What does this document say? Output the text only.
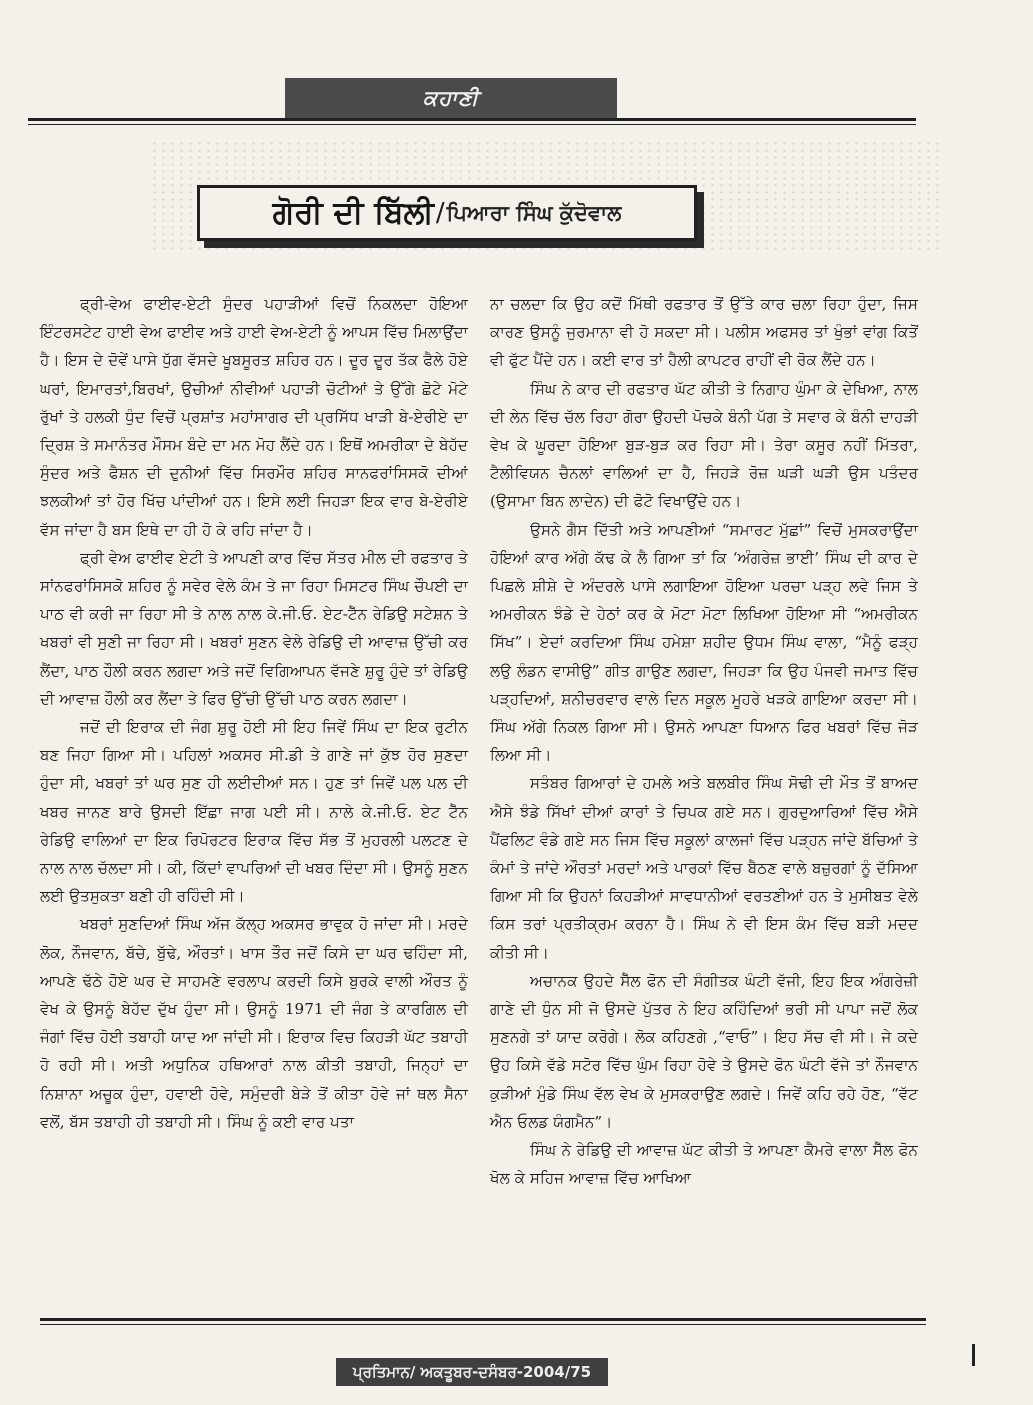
ਕਹਾਣੀ
ਗੋਰੀ ਦੀ ਬਿੱਲੀ / ਪਿਆਰਾ ਸਿੰਘ ਕੁੱਦੋਵਾਲ

ਫ੍ਰੀ-ਵੇਅ ਫਾਈਵ-ਏਟੀ ਸੁੰਦਰ ਪਹਾੜੀਆਂ ਵਿਚੋਂ ਨਿਕਲਦਾ ਹੋਇਆ ਇੰਟਰਸਟੇਟ ਹਾਈ ਵੇਅ ਫਾਈਵ ਅਤੇ ਹਾਈ ਵੇਅ-ਏਟੀ ਨੂੰ ਆਪਸ ਵਿੱਚ ਮਿਲਾਉਂਦਾ ਹੈ। ਇਸ ਦੇ ਦੋਵੇਂ ਪਾਸੇ ਧੁੱਗ ਵੱਸਦੇ ਖੂਬਸੂਰਤ ਸ਼ਹਿਰ ਹਨ। ਦੂਰ ਦੂਰ ਤੱਕ ਫੈਲੇ ਹੋਏ ਘਰਾਂ, ਇਮਾਰਤਾਂ,ਬਿਰਖਾਂ, ਉਚੀਆਂ ਨੀਵੀਆਂ ਪਹਾੜੀ ਚੋਟੀਆਂ ਤੇ ਉੱਗੇ ਛੋਟੇ ਮੋਟੇ ਰੁੱਖਾਂ ਤੇ ਹਲਕੀ ਧੁੰਦ ਵਿਚੋਂ ਪ੍ਰਸ਼ਾਂਤ ਮਹਾਂਸਾਗਰ ਦੀ ਪ੍ਰਸਿੱਧ ਖਾੜੀ ਬੇ-ਏਰੀਏ ਦਾ ਦ੍ਰਿਸ਼ ਤੇ ਸਮਾਨੰਤਰ ਮੌਸਮ ਬੰਦੇ ਦਾ ਮਨ ਮੋਹ ਲੈਂਦੇ ਹਨ। ਇਥੋਂ ਅਮਰੀਕਾ ਦੇ ਬੇਹੱਦ ਸੁੰਦਰ ਅਤੇ ਫੈਸ਼ਨ ਦੀ ਦੁਨੀਆਂ ਵਿੱਚ ਸਿਰਮੌਰ ਸ਼ਹਿਰ ਸਾਨਫਰਾਂਸਿਸਕੋ ਦੀਆਂ ਝਲਕੀਆਂ ਤਾਂ ਹੋਰ ਖਿੱਚ ਪਾਂਦੀਆਂ ਹਨ। ਇਸੇ ਲਈ ਜਿਹੜਾ ਇਕ ਵਾਰ ਬੇ-ਏਰੀਏ ਵੱਸ ਜਾਂਦਾ ਹੈ ਬਸ ਇਥੇ ਦਾ ਹੀ ਹੋ ਕੇ ਰਹਿ ਜਾਂਦਾ ਹੈ।

ਫ੍ਰੀ ਵੇਅ ਫਾਈਵ ਏਟੀ ਤੇ ਆਪਣੀ ਕਾਰ ਵਿੱਚ ਸੱਤਰ ਮੀਲ ਦੀ ਰਫਤਾਰ ਤੇ ਸਾਂਨਫਰਾਂਸਿਸਕੋ ਸ਼ਹਿਰ ਨੂੰ ਸਵੇਰ ਵੇਲੇ ਕੰਮ ਤੇ ਜਾ ਰਿਹਾ ਮਿਸਟਰ ਸਿੰਘ ਚੌਪਈ ਦਾ ਪਾਠ ਵੀ ਕਰੀ ਜਾ ਰਿਹਾ ਸੀ ਤੇ ਨਾਲ ਨਾਲ ਕੇ.ਜੀ.ਓ. ਏਟ-ਟੈੱਨ ਰੇਡਿਉ ਸਟੇਸ਼ਨ ਤੇ ਖਬਰਾਂ ਵੀ ਸੁਣੀ ਜਾ ਰਿਹਾ ਸੀ। ਖਬਰਾਂ ਸੁਣਨ ਵੇਲੇ ਰੇਡਿਉ ਦੀ ਆਵਾਜ਼ ਉੱਚੀ ਕਰ ਲੈਂਦਾ, ਪਾਠ ਹੌਲੀ ਕਰਨ ਲਗਦਾ ਅਤੇ ਜਦੋਂ ਵਿਗਿਆਪਨ ਵੱਜਣੇ ਸ਼ੁਰੂ ਹੁੰਦੇ ਤਾਂ ਰੇਡਿਉ ਦੀ ਆਵਾਜ਼ ਹੌਲੀ ਕਰ ਲੈਂਦਾ ਤੇ ਫਿਰ ਉੱਚੀ ਉੱਚੀ ਪਾਠ ਕਰਨ ਲਗਦਾ।

ਜਦੋਂ ਦੀ ਇਰਾਕ ਦੀ ਜੰਗ ਸ਼ੁਰੂ ਹੋਈ ਸੀ ਇਹ ਜਿਵੇਂ ਸਿੰਘ ਦਾ ਇਕ ਰੁਟੀਨ ਬਣ ਜਿਹਾ ਗਿਆ ਸੀ। ਪਹਿਲਾਂ ਅਕਸਰ ਸੀ.ਡੀ ਤੇ ਗਾਣੇ ਜਾਂ ਕੁੱਝ ਹੋਰ ਸੁਣਦਾ ਹੁੰਦਾ ਸੀ, ਖਬਰਾਂ ਤਾਂ ਘਰ ਸੁਣ ਹੀ ਲਈਦੀਆਂ ਸਨ। ਹੁਣ ਤਾਂ ਜਿਵੇਂ ਪਲ ਪਲ ਦੀ ਖਬਰ ਜਾਨਣ ਬਾਰੇ ਉਸਦੀ ਇੱਛਾ ਜਾਗ ਪਈ ਸੀ। ਨਾਲੇ ਕੇ.ਜੀ.ਓ. ਏਟ ਟੈੱਨ ਰੇਡਿਉ ਵਾਲਿਆਂ ਦਾ ਇਕ ਰਿਪੋਰਟਰ ਇਰਾਕ ਵਿੱਚ ਸੱਭ ਤੋਂ ਮੁਹਰਲੀ ਪਲਟਣ ਦੇ ਨਾਲ ਨਾਲ ਚੱਲਦਾ ਸੀ। ਕੀ, ਕਿੱਦਾਂ ਵਾਪਰਿਆਂ ਦੀ ਖਬਰ ਦਿੰਦਾ ਸੀ। ਉਸਨੂੰ ਸੁਣਨ ਲਈ ਉਤਸੁਕਤਾ ਬਣੀ ਹੀ ਰਹਿੰਦੀ ਸੀ।

ਖਬਰਾਂ ਸੁਣਦਿਆਂ ਸਿੰਘ ਅੱਜ ਕੱਲ੍ਹ ਅਕਸਰ ਭਾਵੁਕ ਹੋ ਜਾਂਦਾ ਸੀ। ਮਰਦੇ ਲੋਕ, ਨੌਜਵਾਨ, ਬੱਚੇ, ਬੁੱਢੇ, ਔਰਤਾਂ। ਖਾਸ ਤੌਰ ਜਦੋਂ ਕਿਸੇ ਦਾ ਘਰ ਢਹਿੰਦਾ ਸੀ, ਆਪਣੇ ਢੱਠੇ ਹੋਏ ਘਰ ਦੇ ਸਾਹਮਣੇ ਵਰਲਾਪ ਕਰਦੀ ਕਿਸੇ ਬੁਰਕੇ ਵਾਲੀ ਔਰਤ ਨੂੰ ਵੇਖ ਕੇ ਉਸਨੂੰ ਬੇਹੱਦ ਦੁੱਖ ਹੁੰਦਾ ਸੀ। ਉਸਨੂੰ 1971 ਦੀ ਜੰਗ ਤੇ ਕਾਰਗਿਲ ਦੀ ਜੰਗਾਂ ਵਿੱਚ ਹੋਈ ਤਬਾਹੀ ਯਾਦ ਆ ਜਾਂਦੀ ਸੀ। ਇਰਾਕ ਵਿਚ ਕਿਹੜੀ ਘੱਟ ਤਬਾਹੀ ਹੋ ਰਹੀ ਸੀ। ਅਤੀ ਅਧੁਨਿਕ ਹਥਿਆਰਾਂ ਨਾਲ ਕੀਤੀ ਤਬਾਹੀ, ਜਿਨ੍ਹਾਂ ਦਾ ਨਿਸ਼ਾਨਾ ਅਚੂਕ ਹੁੰਦਾ, ਹਵਾਈ ਹੋਵੇ, ਸਮੁੰਦਰੀ ਬੇੜੇ ਤੋਂ ਕੀਤਾ ਹੋਵੇ ਜਾਂ ਥਲ ਸੈਨਾ ਵਲੋਂ, ਬੱਸ ਤਬਾਹੀ ਹੀ ਤਬਾਹੀ ਸੀ। ਸਿੰਘ ਨੂੰ ਕਈ ਵਾਰ ਪਤਾ

ਨਾ ਚਲਦਾ ਕਿ ਉਹ ਕਦੋਂ ਮਿੱਥੀ ਰਫਤਾਰ ਤੋਂ ਉੱਤੇ ਕਾਰ ਚਲਾ ਰਿਹਾ ਹੁੰਦਾ, ਜਿਸ ਕਾਰਣ ਉਸਨੂੰ ਜੁਰਮਾਨਾ ਵੀ ਹੋ ਸਕਦਾ ਸੀ। ਪਲੀਸ ਅਫਸਰ ਤਾਂ ਖੁੰਭਾਂ ਵਾਂਗ ਕਿਤੋਂ ਵੀ ਫੁੱਟ ਪੈਂਦੇ ਹਨ। ਕਈ ਵਾਰ ਤਾਂ ਹੈਲੀ ਕਾਪਟਰ ਰਾਹੀਂ ਵੀ ਰੋਕ ਲੈਂਦੇ ਹਨ।

ਸਿੰਘ ਨੇ ਕਾਰ ਦੀ ਰਫਤਾਰ ਘੱਟ ਕੀਤੀ ਤੇ ਨਿਗਾਹ ਘੁੰਮਾ ਕੇ ਦੇਖਿਆ, ਨਾਲ ਦੀ ਲੇਨ ਵਿੱਚ ਚੱਲ ਰਿਹਾ ਗੋਰਾ ਉਹਦੀ ਪੋਚਕੇ ਬੰਨੀ ਪੱਗ ਤੇ ਸਵਾਰ ਕੇ ਬੰਨੀ ਦਾਹੜੀ ਵੇਖ ਕੇ ਘੂਰਦਾ ਹੋਇਆ ਬੁੜ-ਬੁੜ ਕਰ ਰਿਹਾ ਸੀ। ਤੇਰਾ ਕਸੂਰ ਨਹੀਂ ਮਿੱਤਰਾ, ਟੈਲੀਵਿਯਨ ਚੈਨਲਾਂ ਵਾਲਿਆਂ ਦਾ ਹੈ, ਜਿਹੜੇ ਰੋਜ਼ ਘੜੀ ਘੜੀ ਉਸ ਪਤੰਦਰ (ਉਸਾਮਾ ਬਿਨ ਲਾਦੇਨ) ਦੀ ਫੋਟੋ ਵਿਖਾਉਂਦੇ ਹਨ।

ਉਸਨੇ ਗੈਸ ਦਿੱਤੀ ਅਤੇ ਆਪਣੀਆਂ “ਸਮਾਰਟ ਮੁੱਛਾਂ” ਵਿਚੋਂ ਮੁਸਕਰਾਉਂਦਾ ਹੋਇਆਂ ਕਾਰ ਅੱਗੇ ਕੱਢ ਕੇ ਲੈ ਗਿਆ ਤਾਂ ਕਿ ‘ਅੰਗਰੇਜ਼ ਭਾਈ’ ਸਿੰਘ ਦੀ ਕਾਰ ਦੇ ਪਿਛਲੇ ਸ਼ੀਸ਼ੇ ਦੇ ਅੰਦਰਲੇ ਪਾਸੇ ਲਗਾਇਆ ਹੋਇਆ ਪਰਚਾ ਪੜ੍ਹ ਲਵੇ ਜਿਸ ਤੇ ਅਮਰੀਕਨ ਝੰਡੇ ਦੇ ਹੇਠਾਂ ਕਰ ਕੇ ਮੋਟਾ ਮੋਟਾ ਲਿਖਿਆ ਹੋਇਆ ਸੀ “ਅਮਰੀਕਨ ਸਿੱਖ”। ਏਦਾਂ ਕਰਦਿਆ ਸਿੰਘ ਹਮੇਸ਼ਾ ਸ਼ਹੀਦ ਉਧਮ ਸਿੰਘ ਵਾਲਾ, “ਮੈਨੂੰ ਫੜ੍ਹ ਲਉ ਲੰਡਨ ਵਾਸੀਉ” ਗੀਤ ਗਾਉਣ ਲਗਦਾ, ਜਿਹੜਾ ਕਿ ਉਹ ਪੰਜਵੀ ਜਮਾਤ ਵਿੱਚ ਪੜ੍ਹਦਿਆਂ, ਸ਼ਨੀਚਰਵਾਰ ਵਾਲੇ ਦਿਨ ਸਕੂਲ ਮੂਹਰੇ ਖੜਕੇ ਗਾਇਆ ਕਰਦਾ ਸੀ। ਸਿੰਘ ਅੱਗੇ ਨਿਕਲ ਗਿਆ ਸੀ। ਉਸਨੇ ਆਪਣਾ ਧਿਆਨ ਫਿਰ ਖਬਰਾਂ ਵਿੱਚ ਜੋੜ ਲਿਆ ਸੀ।

ਸਤੰਬਰ ਗਿਆਰਾਂ ਦੇ ਹਮਲੇ ਅਤੇ ਬਲਬੀਰ ਸਿੰਘ ਸੋਢੀ ਦੀ ਮੌਤ ਤੋਂ ਬਾਅਦ ਐਸੇ ਝੰਡੇ ਸਿੱਖਾਂ ਦੀਆਂ ਕਾਰਾਂ ਤੇ ਚਿਪਕ ਗਏ ਸਨ। ਗੁਰਦੁਆਰਿਆਂ ਵਿੱਚ ਐਸੇ ਪੈਂਫਲਿਟ ਵੰਡੇ ਗਏ ਸਨ ਜਿਸ ਵਿੱਚ ਸਕੂਲਾਂ ਕਾਲਜਾਂ ਵਿੱਚ ਪੜ੍ਹਨ ਜਾਂਦੇ ਬੱਚਿਆਂ ਤੇ ਕੰਮਾਂ ਤੇ ਜਾਂਦੇ ਔਰਤਾਂ ਮਰਦਾਂ ਅਤੇ ਪਾਰਕਾਂ ਵਿੱਚ ਬੈਠਣ ਵਾਲੇ ਬਜ਼ੁਰਗਾਂ ਨੂੰ ਦੱਸਿਆ ਗਿਆ ਸੀ ਕਿ ਉਹਨਾਂ ਕਿਹੜੀਆਂ ਸਾਵਧਾਨੀਆਂ ਵਰਤਣੀਆਂ ਹਨ ਤੇ ਮੁਸੀਬਤ ਵੇਲੇ ਕਿਸ ਤਰਾਂ ਪ੍ਰਤੀਕ੍ਰਮ ਕਰਨਾ ਹੈ। ਸਿੰਘ ਨੇ ਵੀ ਇਸ ਕੰਮ ਵਿੱਚ ਬੜੀ ਮਦਦ ਕੀਤੀ ਸੀ।

ਅਚਾਨਕ ਉਹਦੇ ਸੈੱਲ ਫੋਨ ਦੀ ਸੰਗੀਤਕ ਘੰਟੀ ਵੱਜੀ, ਇਹ ਇਕ ਅੰਗਰੇਜ਼ੀ ਗਾਣੇ ਦੀ ਧੁੰਨ ਸੀ ਜੋ ਉਸਦੇ ਪੁੱਤਰ ਨੇ ਇਹ ਕਹਿੰਦਿਆਂ ਭਰੀ ਸੀ ਪਾਪਾ ਜਦੋਂ ਲੋਕ ਸੁਣਨਗੇ ਤਾਂ ਯਾਦ ਕਰੋਗੇ। ਲੋਕ ਕਹਿਣਗੇ ,“ਵਾਓ”। ਇਹ ਸੱਚ ਵੀ ਸੀ। ਜੇ ਕਦੇ ਉਹ ਕਿਸੇ ਵੱਡੇ ਸਟੋਰ ਵਿੱਚ ਘੁੰਮ ਰਿਹਾ ਹੋਵੇ ਤੇ ਉਸਦੇ ਫੋਨ ਘੰਟੀ ਵੱਜੇ ਤਾਂ ਨੌਜਵਾਨ ਕੁੜੀਆਂ ਮੁੰਡੇ ਸਿੰਘ ਵੱਲ ਵੇਖ ਕੇ ਮੁਸਕਰਾਉਣ ਲਗਦੇ। ਜਿਵੇਂ ਕਹਿ ਰਹੇ ਹੋਣ, “ਵੱਟ ਐਨ ਓਲਡ ਯੰਗਮੈਨ”।

ਸਿੰਘ ਨੇ ਰੇਡਿਉ ਦੀ ਆਵਾਜ਼ ਘੱਟ ਕੀਤੀ ਤੇ ਆਪਣਾ ਕੈਮਰੇ ਵਾਲਾ ਸੈੱਲ ਫੋਨ ਖੋਲ ਕੇ ਸਹਿਜ ਆਵਾਜ਼ ਵਿੱਚ ਆਖਿਆ

ਪ੍ਰਤਿਮਾਨ/ ਅਕਤੂਬਰ-ਦਸੰਬਰ-2004/75
